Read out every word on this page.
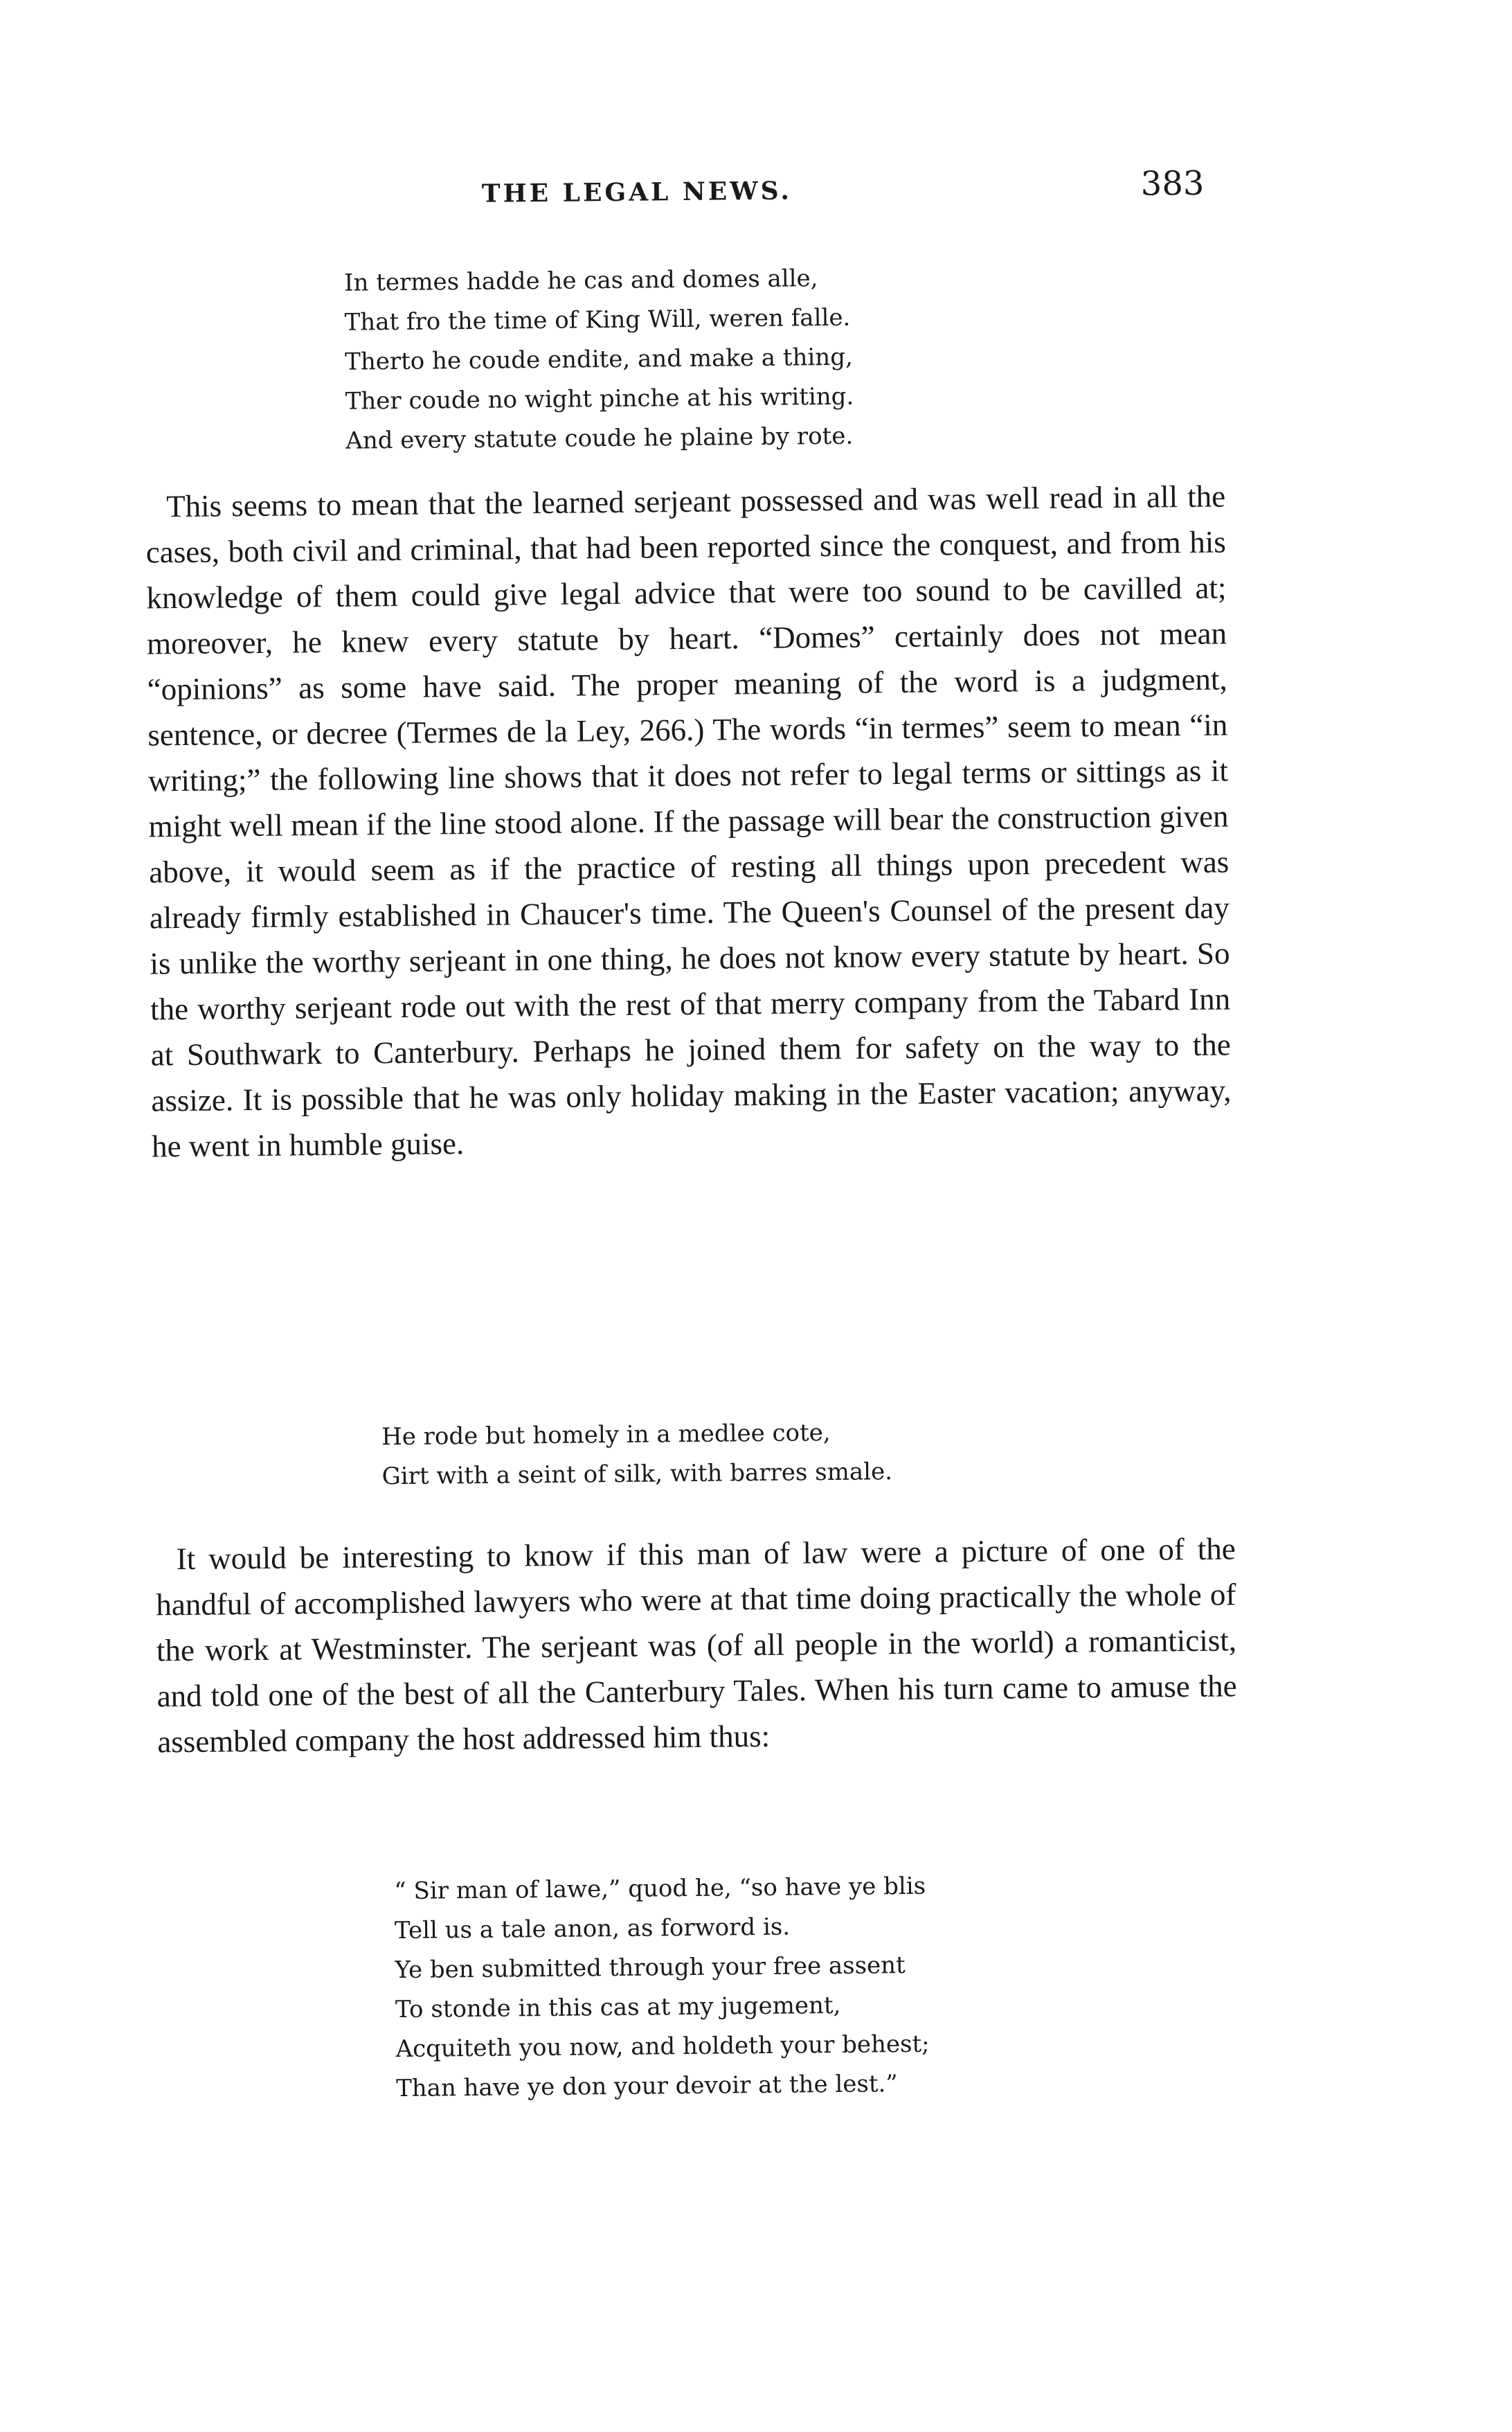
THE LEGAL NEWS.	383
In termes hadde he cas and domes alle,
That fro the time of King Will, weren falle.
Therto he coude endite, and make a thing,
Ther coude no wight pinche at his writing.
And every statute coude he plaine by rote.

This seems to mean that the learned serjeant possessed and was well read in all the cases, both civil and criminal, that had been reported since the conquest, and from his knowledge of them could give legal advice that were too sound to be cavilled at; moreover, he knew every statute by heart. “Domes” certainly does not mean “opinions” as some have said. The proper meaning of the word is a judgment, sentence, or decree (Termes de la Ley, 266.) The words “in termes” seem to mean “in writing;” the following line shows that it does not refer to legal terms or sittings as it might well mean if the line stood alone. If the passage will bear the construction given above, it would seem as if the practice of resting all things upon precedent was already firmly established in Chaucer's time. The Queen's Counsel of the present day is unlike the worthy serjeant in one thing, he does not know every statute by heart. So the worthy serjeant rode out with the rest of that merry company from the Tabard Inn at Southwark to Canterbury. Perhaps he joined them for safety on the way to the assize. It is possible that he was only holiday making in the Easter vacation; anyway, he went in humble guise.

He rode but homely in a medlee cote,
Girt with a seint of silk, with barres smale.

It would be interesting to know if this man of law were a picture of one of the handful of accomplished lawyers who were at that time doing practically the whole of the work at Westminster. The serjeant was (of all people in the world) a romanticist, and told one of the best of all the Canterbury Tales. When his turn came to amuse the assembled company the host addressed him thus:

“ Sir man of lawe,” quod he, “so have ye blis
Tell us a tale anon, as forword is.
Ye ben submitted through your free assent
To stonde in this cas at my jugement,
Acquiteth you now, and holdeth your behest;
Than have ye don your devoir at the lest.”
